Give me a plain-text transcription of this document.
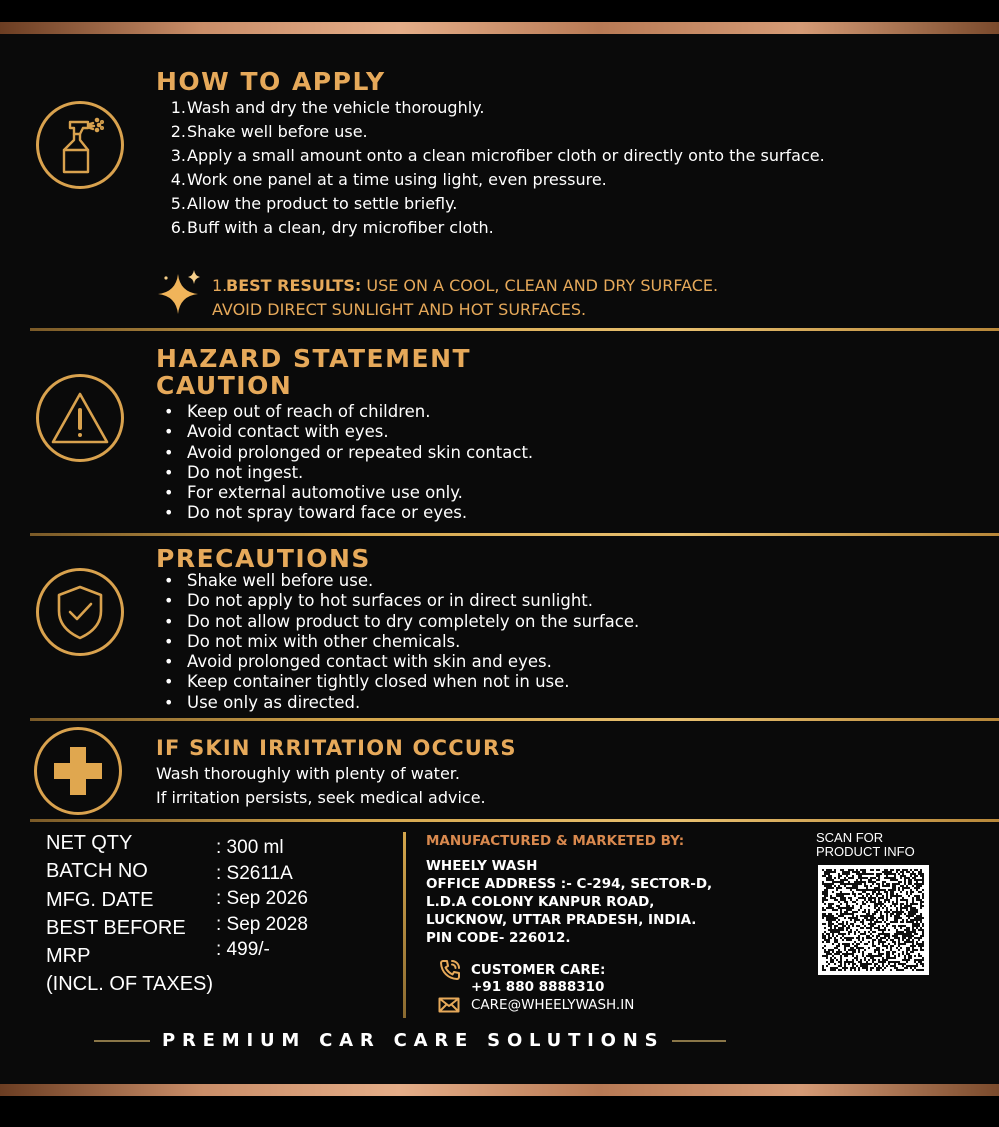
HOW TO APPLY
1. Wash and dry the vehicle thoroughly.
2. Shake well before use.
3. Apply a small amount onto a clean microfiber cloth or directly onto the surface.
4. Work one panel at a time using light, even pressure.
5. Allow the product to settle briefly.
6. Buff with a clean, dry microfiber cloth.
1.BEST RESULTS: USE ON A COOL, CLEAN AND DRY SURFACE. AVOID DIRECT SUNLIGHT AND HOT SURFACES.
HAZARD STATEMENT
CAUTION
• Keep out of reach of children.
• Avoid contact with eyes.
• Avoid prolonged or repeated skin contact.
• Do not ingest.
• For external automotive use only.
• Do not spray toward face or eyes.
PRECAUTIONS
• Shake well before use.
• Do not apply to hot surfaces or in direct sunlight.
• Do not allow product to dry completely on the surface.
• Do not mix with other chemicals.
• Avoid prolonged contact with skin and eyes.
• Keep container tightly closed when not in use.
• Use only as directed.
IF SKIN IRRITATION OCCURS
Wash thoroughly with plenty of water.
If irritation persists, seek medical advice.
NET QTY
BATCH NO
MFG. DATE
BEST BEFORE
MRP
(INCL. OF TAXES)
: 300 ml
: S2611A
: Sep 2026
: Sep 2028
: 499/-
MANUFACTURED & MARKETED BY:
WHEELY WASH
OFFICE ADDRESS :- C-294, SECTOR-D,
L.D.A COLONY KANPUR ROAD,
LUCKNOW, UTTAR PRADESH, INDIA.
PIN CODE- 226012.
CUSTOMER CARE:
+91 880 8888310
CARE@WHEELYWASH.IN
SCAN FOR
PRODUCT INFO
PREMIUM CAR CARE SOLUTIONS
